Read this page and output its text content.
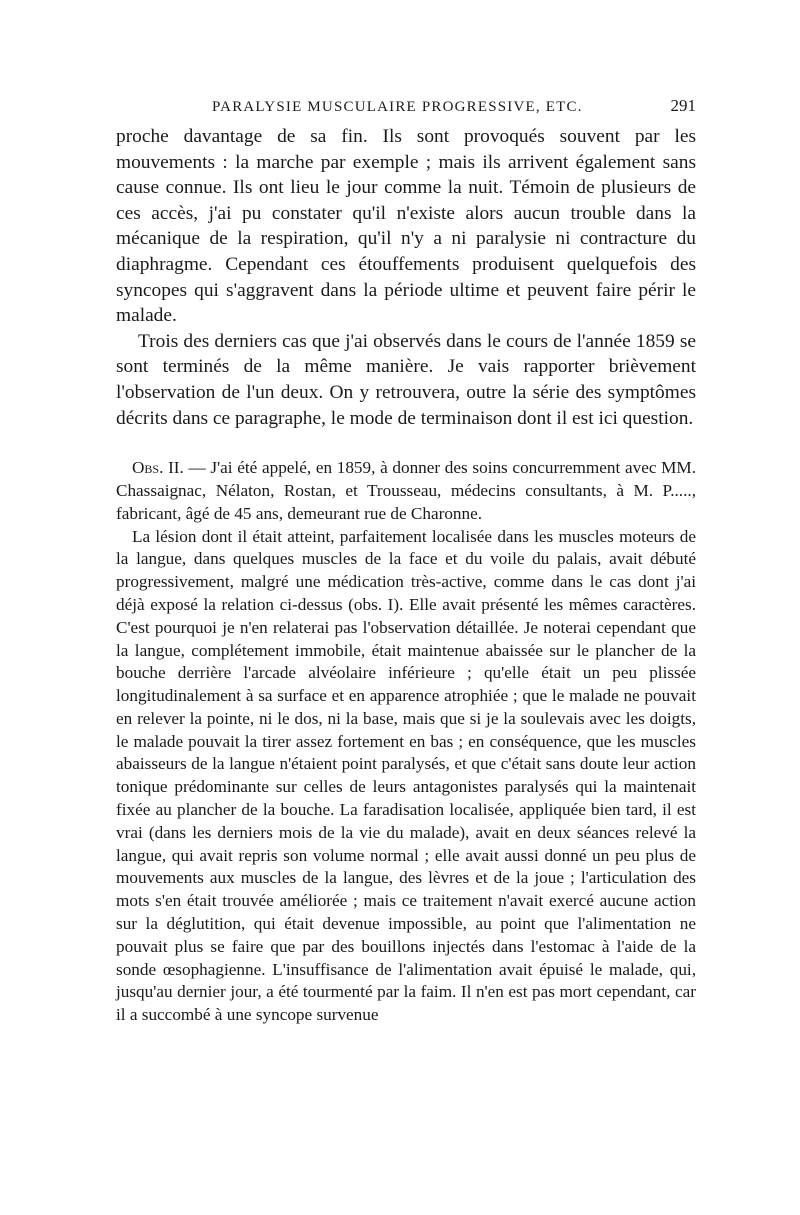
PARALYSIE MUSCULAIRE PROGRESSIVE, ETC.	291

proche davantage de sa fin. Ils sont provoqués souvent par les mouvements : la marche par exemple ; mais ils arrivent également sans cause connue. Ils ont lieu le jour comme la nuit. Témoin de plusieurs de ces accès, j'ai pu constater qu'il n'existe alors aucun trouble dans la mécanique de la respiration, qu'il n'y a ni paralysie ni contracture du diaphragme. Cependant ces étouffements produisent quelquefois des syncopes qui s'aggravent dans la période ultime et peuvent faire périr le malade.

Trois des derniers cas que j'ai observés dans le cours de l'année 1859 se sont terminés de la même manière. Je vais rapporter brièvement l'observation de l'un deux. On y retrouvera, outre la série des symptômes décrits dans ce paragraphe, le mode de terminaison dont il est ici question.

Obs. II. — J'ai été appelé, en 1859, à donner des soins concurremment avec MM. Chassaignac, Nélaton, Rostan, et Trousseau, médecins consultants, à M. P....., fabricant, âgé de 45 ans, demeurant rue de Charonne.

La lésion dont il était atteint, parfaitement localisée dans les muscles moteurs de la langue, dans quelques muscles de la face et du voile du palais, avait débuté progressivement, malgré une médication très-active, comme dans le cas dont j'ai déjà exposé la relation ci-dessus (obs. I). Elle avait présenté les mêmes caractères. C'est pourquoi je n'en relaterai pas l'observation détaillée. Je noterai cependant que la langue, complétement immobile, était maintenue abaissée sur le plancher de la bouche derrière l'arcade alvéolaire inférieure ; qu'elle était un peu plissée longitudinalement à sa surface et en apparence atrophiée ; que le malade ne pouvait en relever la pointe, ni le dos, ni la base, mais que si je la soulevais avec les doigts, le malade pouvait la tirer assez fortement en bas ; en conséquence, que les muscles abaisseurs de la langue n'étaient point paralysés, et que c'était sans doute leur action tonique prédominante sur celles de leurs antagonistes paralysés qui la maintenait fixée au plancher de la bouche. La faradisation localisée, appliquée bien tard, il est vrai (dans les derniers mois de la vie du malade), avait en deux séances relevé la langue, qui avait repris son volume normal ; elle avait aussi donné un peu plus de mouvements aux muscles de la langue, des lèvres et de la joue ; l'articulation des mots s'en était trouvée améliorée ; mais ce traitement n'avait exercé aucune action sur la déglutition, qui était devenue impossible, au point que l'alimentation ne pouvait plus se faire que par des bouillons injectés dans l'estomac à l'aide de la sonde œsophagienne. L'insuffisance de l'alimentation avait épuisé le malade, qui, jusqu'au dernier jour, a été tourmenté par la faim. Il n'en est pas mort cependant, car il a succombé à une syncope survenue
